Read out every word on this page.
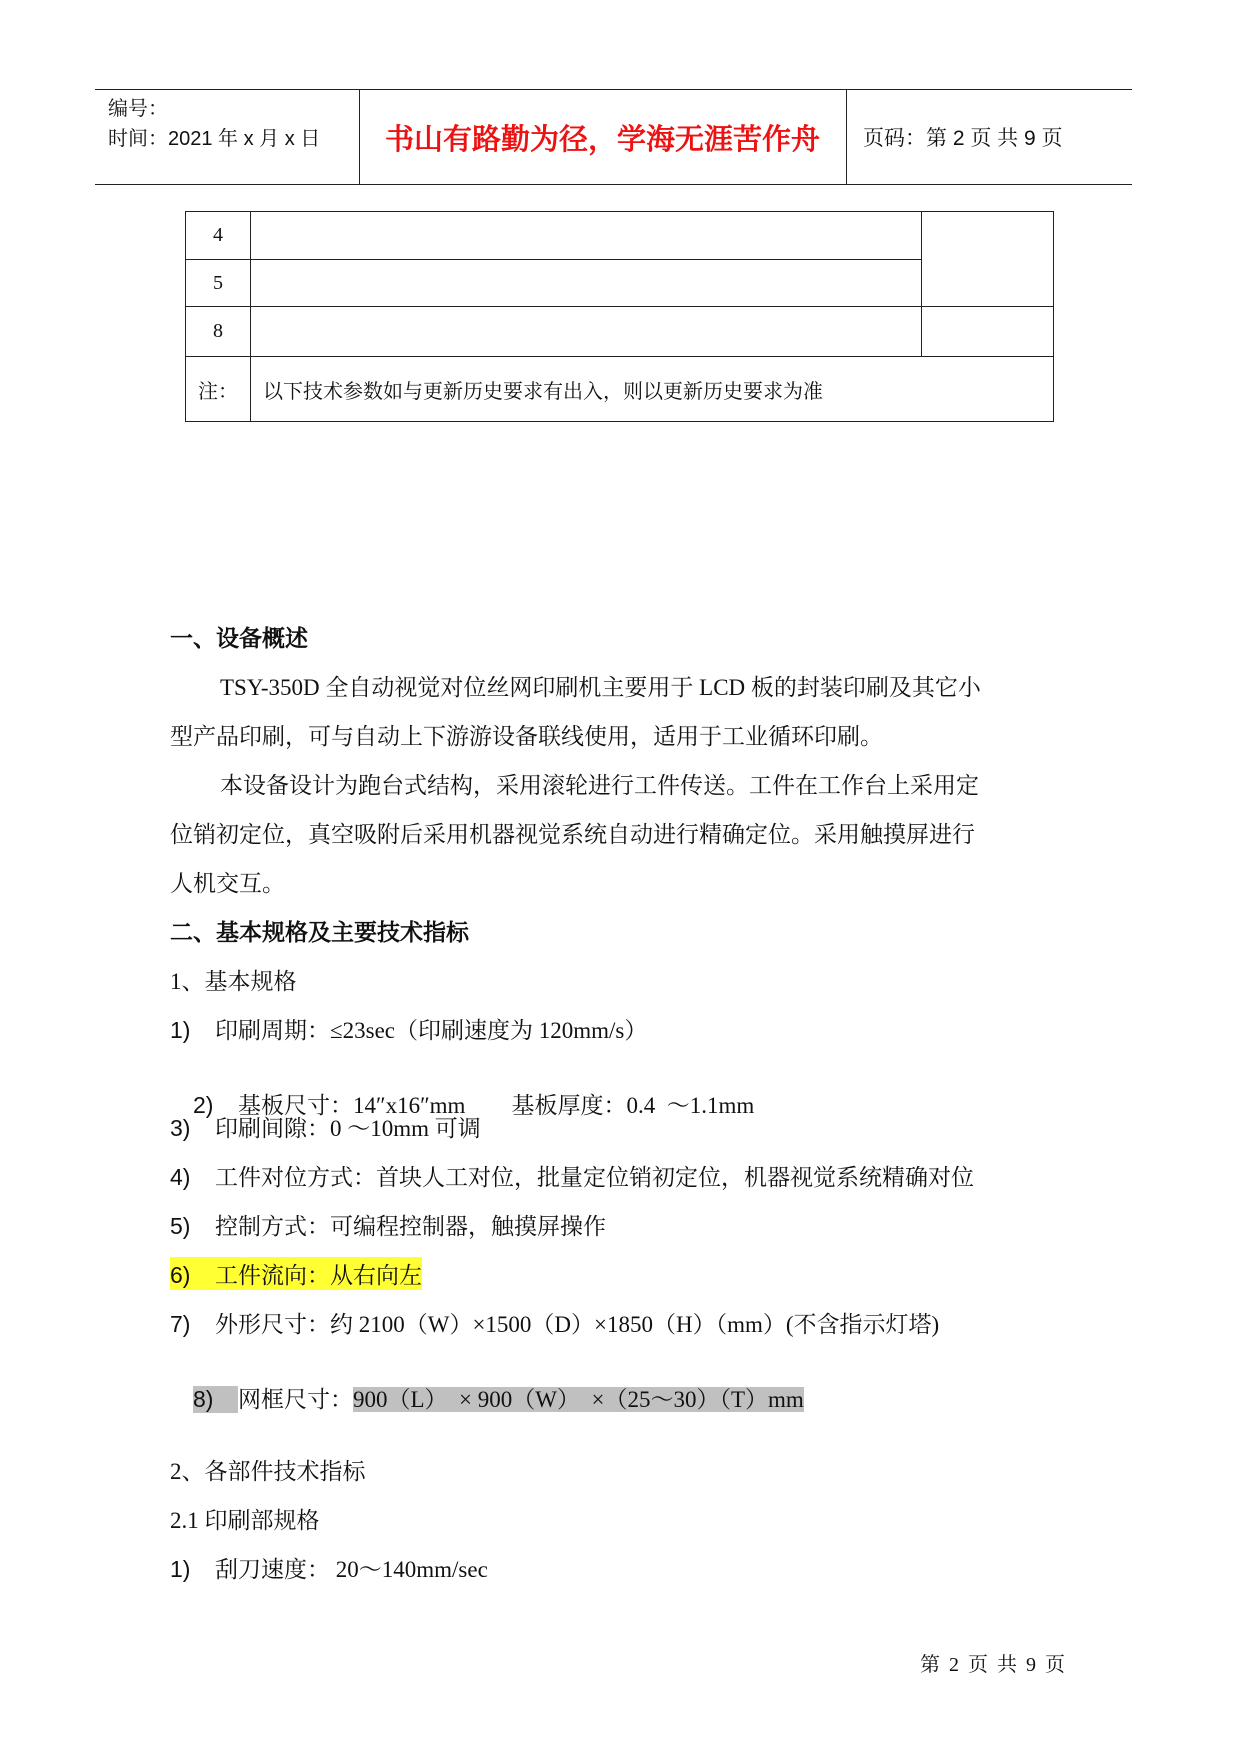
编号：
时间：2021 年 x 月 x 日	书山有路勤为径，学海无涯苦作舟	页码：第 2 页 共 9 页
4		
5		
8		
注：	以下技术参数如与更新历史要求有出入，则以更新历史要求为准	
一、设备概述
TSY-350D 全自动视觉对位丝网印刷机主要用于 LCD 板的封装印刷及其它小
型产品印刷，可与自动上下游游设备联线使用，适用于工业循环印刷。
本设备设计为跑台式结构，采用滚轮进行工件传送。工件在工作台上采用定
位销初定位，真空吸附后采用机器视觉系统自动进行精确定位。采用触摸屏进行
人机交互。
二、基本规格及主要技术指标
1、基本规格
1) 印刷周期：≤23sec（印刷速度为 120mm/s）

2) 基板尺寸：14″x16″mm        基板厚度：0.4  ～1.1mm

3) 印刷间隙：0 ～10mm 可调
4) 工件对位方式：首块人工对位，批量定位销初定位，机器视觉系统精确对位
5) 控制方式：可编程控制器，触摸屏操作
6) 工件流向：从右向左
7) 外形尺寸：约 2100（W）×1500（D）×1850（H）（mm）(不含指示灯塔)

8) 网框尺寸：900（L）  × 900（W）  ×（25～30）（T）mm

2、各部件技术指标
2.1 印刷部规格
1) 刮刀速度： 20～140mm/sec
第 2 页 共 9 页
